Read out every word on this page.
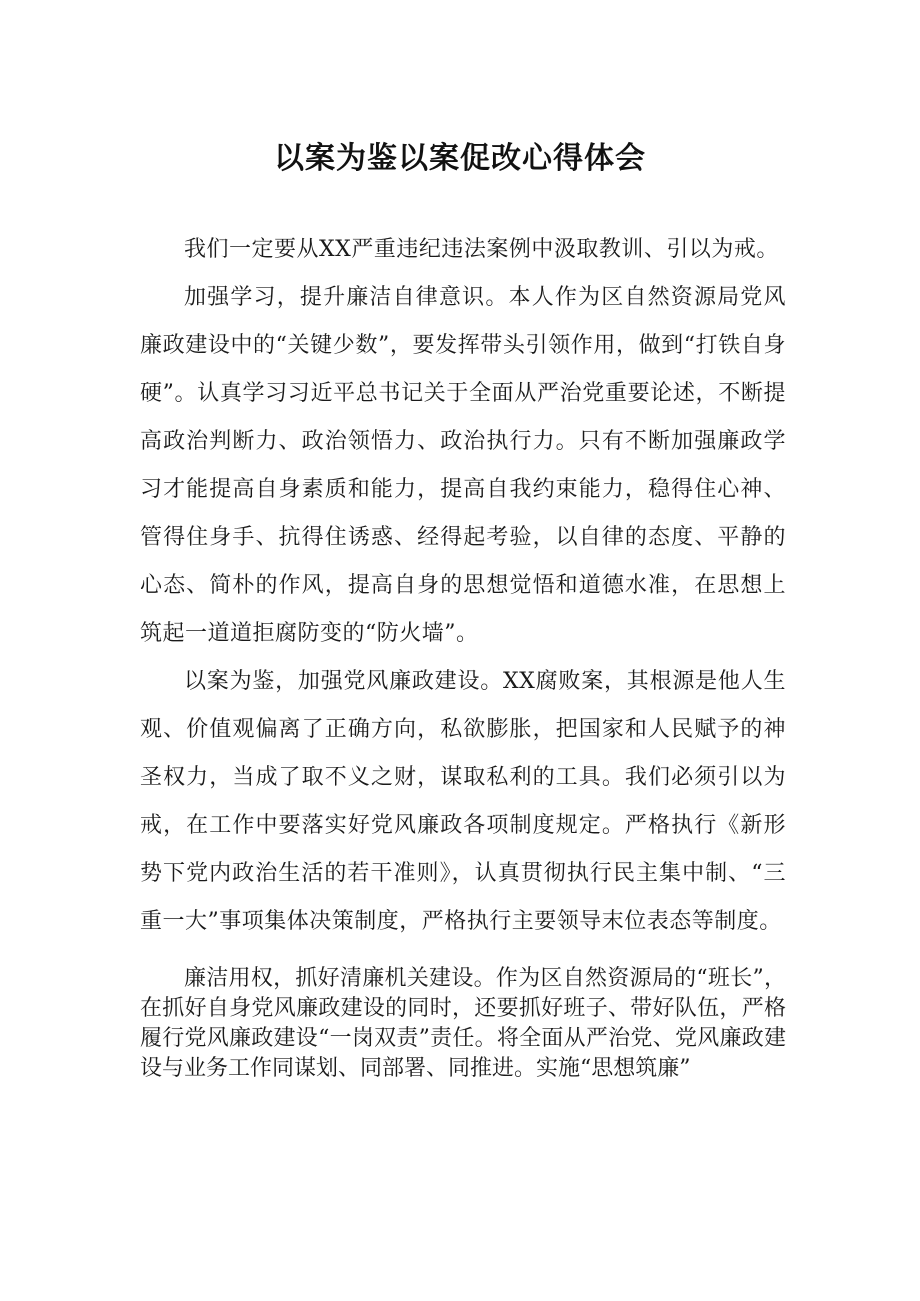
以案为鉴以案促改心得体会

我们一定要从XX严重违纪违法案例中汲取教训、引以为戒。

加强学习，提升廉洁自律意识。本人作为区自然资源局党风廉政建设中的“关键少数”，要发挥带头引领作用，做到“打铁自身硬”。认真学习习近平总书记关于全面从严治党重要论述，不断提高政治判断力、政治领悟力、政治执行力。只有不断加强廉政学习才能提高自身素质和能力，提高自我约束能力，稳得住心神、管得住身手、抗得住诱惑、经得起考验，以自律的态度、平静的心态、简朴的作风，提高自身的思想觉悟和道德水准，在思想上筑起一道道拒腐防变的“防火墙”。

以案为鉴，加强党风廉政建设。XX腐败案，其根源是他人生观、价值观偏离了正确方向，私欲膨胀，把国家和人民赋予的神圣权力，当成了取不义之财，谋取私利的工具。我们必须引以为戒，在工作中要落实好党风廉政各项制度规定。严格执行《新形势下党内政治生活的若干准则》，认真贯彻执行民主集中制、“三重一大”事项集体决策制度，严格执行主要领导末位表态等制度。

廉洁用权，抓好清廉机关建设。作为区自然资源局的“班长”，在抓好自身党风廉政建设的同时，还要抓好班子、带好队伍，严格履行党风廉政建设“一岗双责”责任。将全面从严治党、党风廉政建设与业务工作同谋划、同部署、同推进。实施“思想筑廉”
